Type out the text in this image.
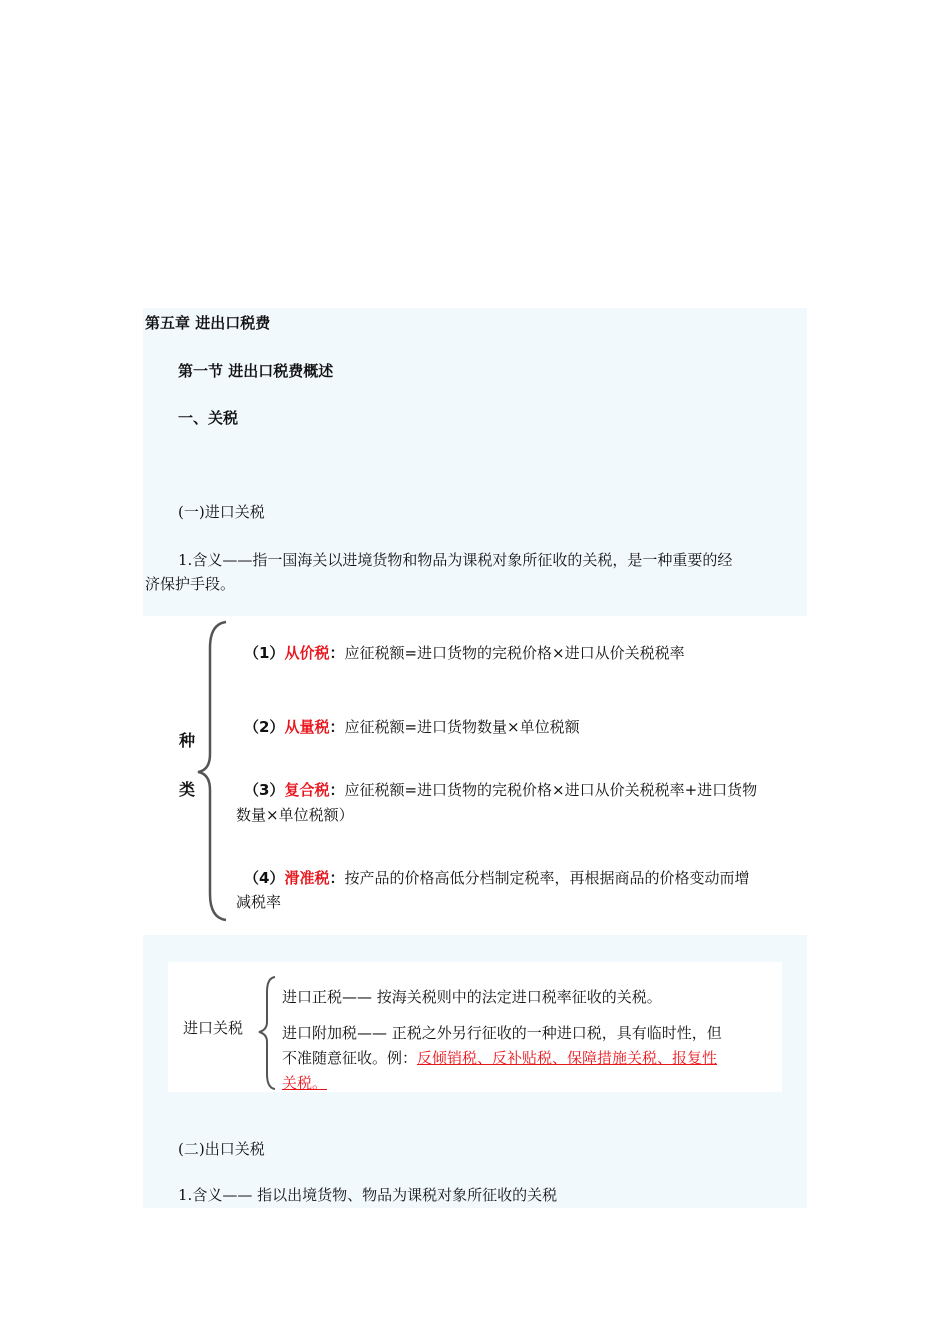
第五章 进出口税费
第一节 进出口税费概述
一、关税
(一)进口关税
1.含义——指一国海关以进境货物和物品为课税对象所征收的关税，是一种重要的经
济保护手段。
种
类
（1）从价税：应征税额=进口货物的完税价格×进口从价关税税率
（2）从量税：应征税额=进口货物数量×单位税额
（3）复合税：应征税额=进口货物的完税价格×进口从价关税税率+进口货物
数量×单位税额）
（4）滑准税：按产品的价格高低分档制定税率，再根据商品的价格变动而增
减税率
进口关税
进口正税—— 按海关税则中的法定进口税率征收的关税。
进口附加税—— 正税之外另行征收的一种进口税，具有临时性，但
不准随意征收。例：反倾销税、反补贴税、保障措施关税、报复性
关税。
(二)出口关税
1.含义—— 指以出境货物、物品为课税对象所征收的关税
